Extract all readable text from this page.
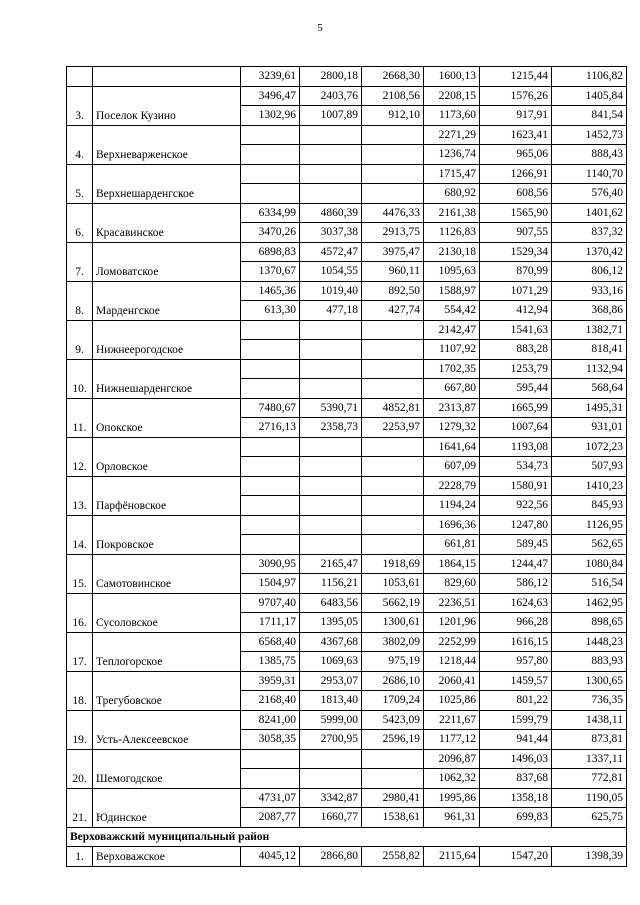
5
		3239,61	2800,18	2668,30	1600,13	1215,44	1106,82
3.	Поселок Кузино	3496,47	2403,76	2108,56	2208,15	1576,26	1405,84
		1302,96	1007,89	912,10	1173,60	917,91	841,54
4.	Верхневарженское				2271,29	1623,41	1452,73
					1236,74	965,06	888,43
5.	Верхнешарденгское				1715,47	1266,91	1140,70
					680,92	608,56	576,40
6.	Красавинское	6334,99	4860,39	4476,33	2161,38	1565,90	1401,62
		3470,26	3037,38	2913,75	1126,83	907,55	837,32
7.	Ломоватское	6898,83	4572,47	3975,47	2130,18	1529,34	1370,42
		1370,67	1054,55	960,11	1095,63	870,99	806,12
8.	Марденгское	1465,36	1019,40	892,50	1588,97	1071,29	933,16
		613,30	477,18	427,74	554,42	412,94	368,86
9.	Нижнеерогодское				2142,47	1541,63	1382,71
					1107,92	883,28	818,41
10.	Нижнешарденгское				1702,35	1253,79	1132,94
					667,80	595,44	568,64
11.	Опокское	7480,67	5390,71	4852,81	2313,87	1665,99	1495,31
		2716,13	2358,73	2253,97	1279,32	1007,64	931,01
12.	Орловское				1641,64	1193,08	1072,23
					607,09	534,73	507,93
13.	Парфёновское				2228,79	1580,91	1410,23
					1194,24	922,56	845,93
14.	Покровское				1696,36	1247,80	1126,95
					661,81	589,45	562,65
15.	Самотовинское	3090,95	2165,47	1918,69	1864,15	1244,47	1080,84
		1504,97	1156,21	1053,61	829,60	586,12	516,54
16.	Сусоловское	9707,40	6483,56	5662,19	2236,51	1624,63	1462,95
		1711,17	1395,05	1300,61	1201,96	966,28	898,65
17.	Теплогорское	6568,40	4367,68	3802,09	2252,99	1616,15	1448,23
		1385,75	1069,63	975,19	1218,44	957,80	883,93
18.	Трегубовское	3959,31	2953,07	2686,10	2060,41	1459,57	1300,65
		2168,40	1813,40	1709,24	1025,86	801,22	736,35
19.	Усть-Алексеевское	8241,00	5999,00	5423,09	2211,67	1599,79	1438,11
		3058,35	2700,95	2596,19	1177,12	941,44	873,81
20.	Шемогодское				2096,87	1496,03	1337,11
					1062,32	837,68	772,81
21.	Юдинское	4731,07	3342,87	2980,41	1995,86	1358,18	1190,05
		2087,77	1660,77	1538,61	961,31	699,83	625,75
Верховажский муниципальный район							
1.	Верховажское	4045,12	2866,80	2558,82	2115,64	1547,20	1398,39
